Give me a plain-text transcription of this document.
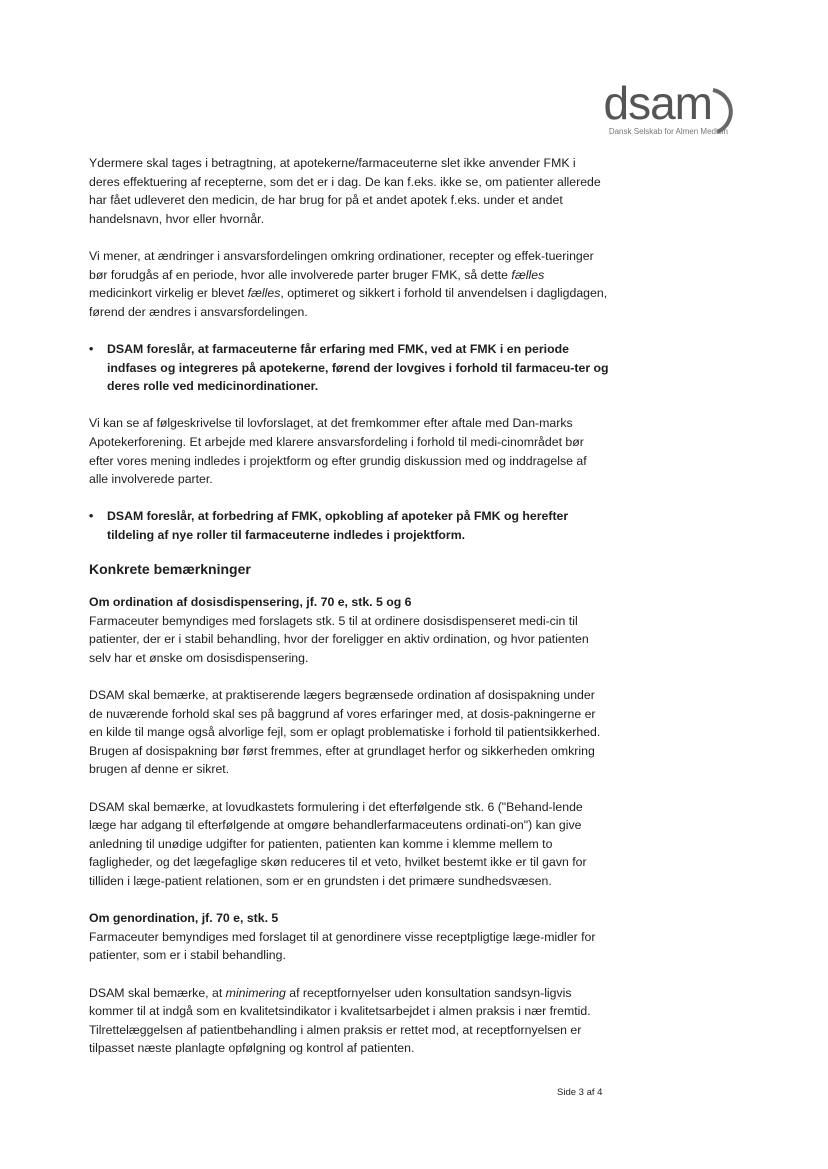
dsam
Dansk Selskab for Almen Medicin

Ydermere skal tages i betragtning, at apotekerne/farmaceuterne slet ikke anvender FMK i deres effektuering af recepterne, som det er i dag. De kan f.eks. ikke se, om patienter allerede har fået udleveret den medicin, de har brug for på et andet apotek f.eks. under et andet handelsnavn, hvor eller hvornår.

Vi mener, at ændringer i ansvarsfordelingen omkring ordinationer, recepter og effek-tueringer bør forudgås af en periode, hvor alle involverede parter bruger FMK, så dette fælles medicinkort virkelig er blevet fælles, optimeret og sikkert i forhold til anvendelsen i dagligdagen, førend der ændres i ansvarsfordelingen.

• DSAM foreslår, at farmaceuterne får erfaring med FMK, ved at FMK i en periode indfases og integreres på apotekerne, førend der lovgives i forhold til farmaceu-ter og deres rolle ved medicinordinationer.

Vi kan se af følgeskrivelse til lovforslaget, at det fremkommer efter aftale med Dan-marks Apotekerforening. Et arbejde med klarere ansvarsfordeling i forhold til medi-cinområdet bør efter vores mening indledes i projektform og efter grundig diskussion med og inddragelse af alle involverede parter.

• DSAM foreslår, at forbedring af FMK, opkobling af apoteker på FMK og herefter tildeling af nye roller til farmaceuterne indledes i projektform.

Konkrete bemærkninger

Om ordination af dosisdispensering, jf. 70 e, stk. 5 og 6

Farmaceuter bemyndiges med forslagets stk. 5 til at ordinere dosisdispenseret medi-cin til patienter, der er i stabil behandling, hvor der foreligger en aktiv ordination, og hvor patienten selv har et ønske om dosisdispensering.

DSAM skal bemærke, at praktiserende lægers begrænsede ordination af dosispakning under de nuværende forhold skal ses på baggrund af vores erfaringer med, at dosis-pakningerne er en kilde til mange også alvorlige fejl, som er oplagt problematiske i forhold til patientsikkerhed. Brugen af dosispakning bør først fremmes, efter at grundlaget herfor og sikkerheden omkring brugen af denne er sikret.

DSAM skal bemærke, at lovudkastets formulering i det efterfølgende stk. 6 ("Behand-lende læge har adgang til efterfølgende at omgøre behandlerfarmaceutens ordinati-on") kan give anledning til unødige udgifter for patienten, patienten kan komme i klemme mellem to fagligheder, og det lægefaglige skøn reduceres til et veto, hvilket bestemt ikke er til gavn for tilliden i læge-patient relationen, som er en grundsten i det primære sundhedsvæsen.

Om genordination, jf. 70 e, stk. 5

Farmaceuter bemyndiges med forslaget til at genordinere visse receptpligtige læge-midler for patienter, som er i stabil behandling.

DSAM skal bemærke, at minimering af receptfornyelser uden konsultation sandsyn-ligvis kommer til at indgå som en kvalitetsindikator i kvalitetsarbejdet i almen praksis i nær fremtid. Tilrettelæggelsen af patientbehandling i almen praksis er rettet mod, at receptfornyelsen er tilpasset næste planlagte opfølgning og kontrol af patienten.

Side 3 af 4
